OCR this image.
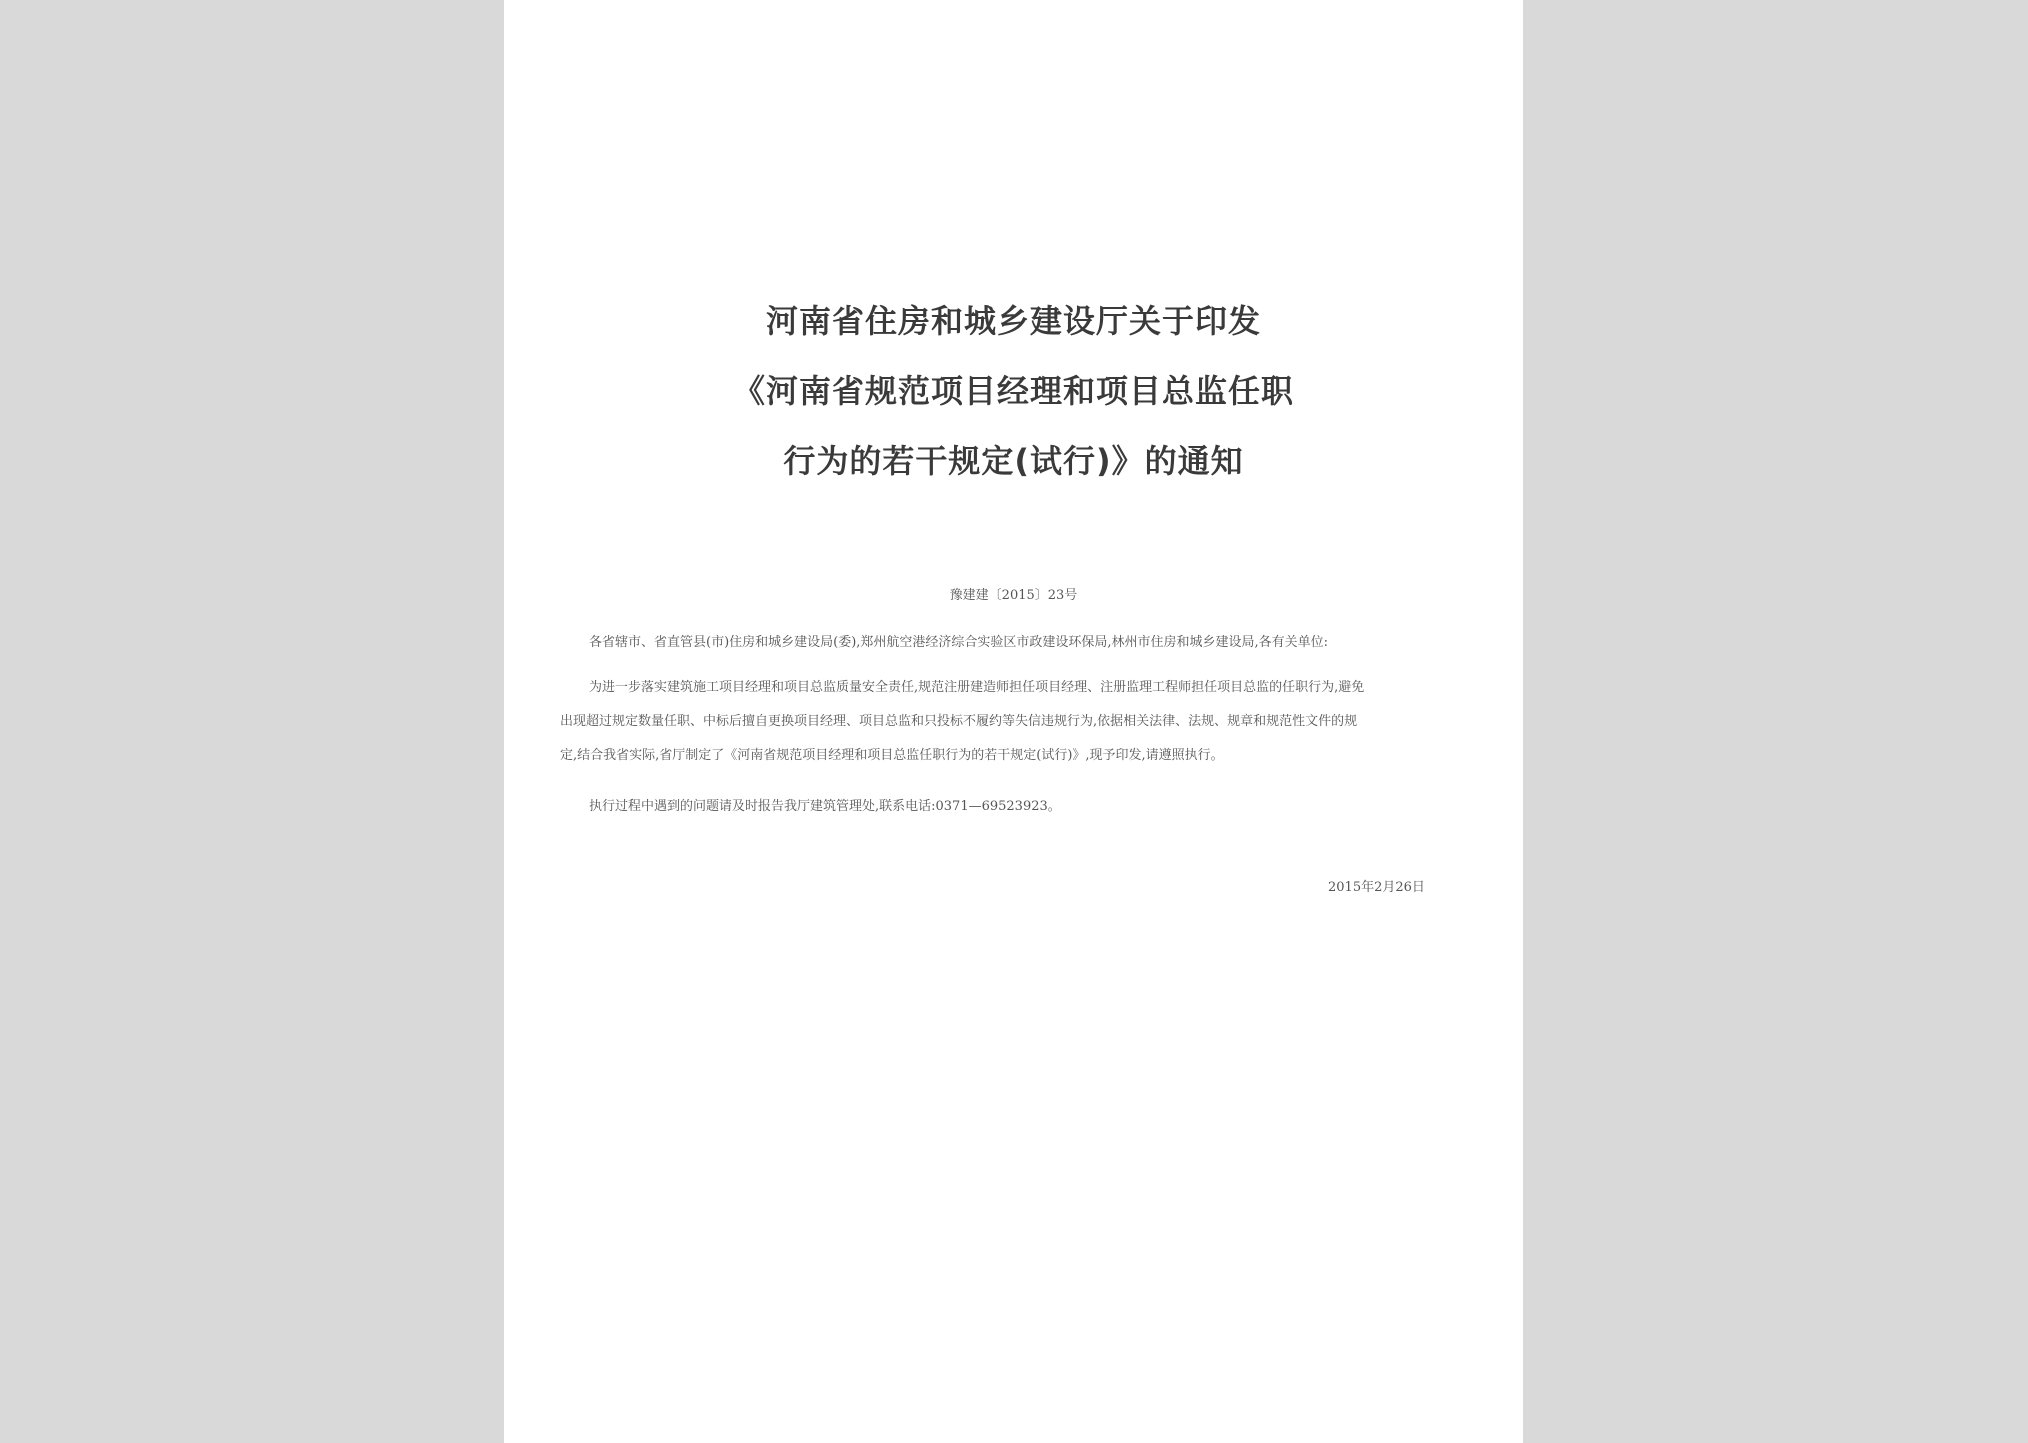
河南省住房和城乡建设厅关于印发
《河南省规范项目经理和项目总监任职
行为的若干规定(试行)》的通知
豫建建〔2015〕23号
各省辖市、省直管县(市)住房和城乡建设局(委),郑州航空港经济综合实验区市政建设环保局,林州市住房和城乡建设局,各有关单位:
为进一步落实建筑施工项目经理和项目总监质量安全责任,规范注册建造师担任项目经理、注册监理工程师担任项目总监的任职行为,避免
出现超过规定数量任职、中标后擅自更换项目经理、项目总监和只投标不履约等失信违规行为,依据相关法律、法规、规章和规范性文件的规
定,结合我省实际,省厅制定了《河南省规范项目经理和项目总监任职行为的若干规定(试行)》,现予印发,请遵照执行。
执行过程中遇到的问题请及时报告我厅建筑管理处,联系电话:0371—69523923。
2015年2月26日
